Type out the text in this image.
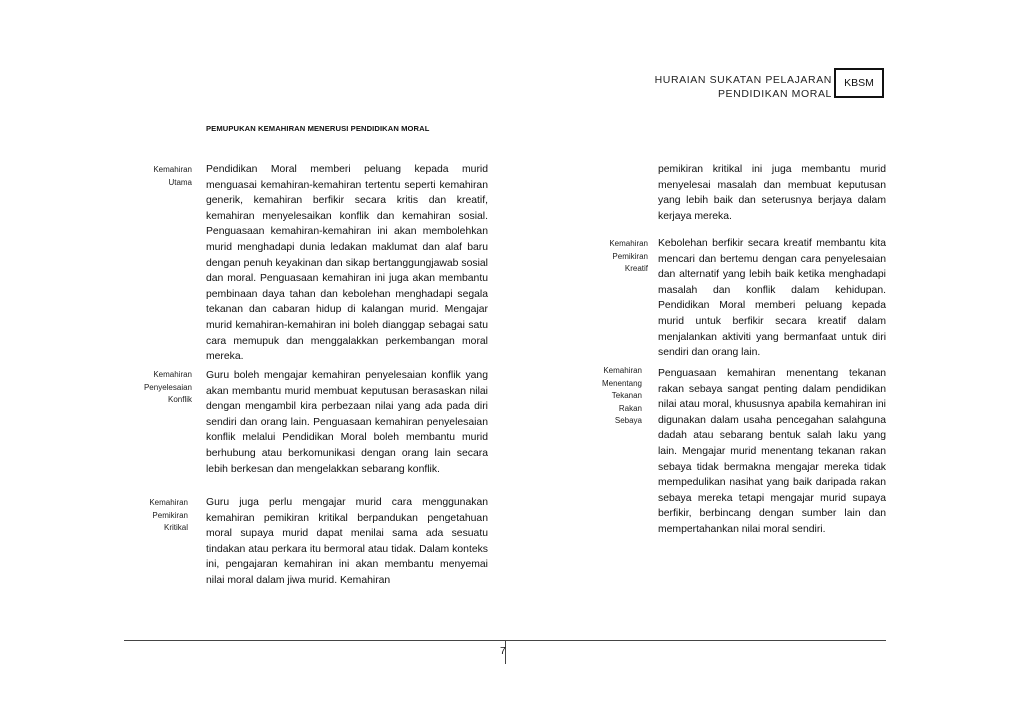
HURAIAN SUKATAN PELAJARAN
PENDIDIKAN MORAL
KBSM
PEMUPUKAN KEMAHIRAN MENERUSI PENDIDIKAN MORAL
Kemahiran
Utama
Pendidikan Moral memberi peluang kepada murid menguasai kemahiran-kemahiran tertentu seperti kemahiran generik, kemahiran berfikir secara kritis dan kreatif, kemahiran menyelesaikan konflik dan kemahiran sosial. Penguasaan kemahiran-kemahiran ini akan membolehkan murid menghadapi dunia ledakan maklumat dan alaf baru dengan penuh keyakinan dan sikap bertanggungjawab sosial dan moral. Penguasaan kemahiran ini juga akan membantu pembinaan daya tahan dan kebolehan menghadapi segala tekanan dan cabaran hidup di kalangan murid. Mengajar murid kemahiran-kemahiran ini boleh dianggap sebagai satu cara memupuk dan menggalakkan perkembangan moral mereka.
Kemahiran
Penyelesaian
Konflik
Guru boleh mengajar kemahiran penyelesaian konflik yang akan membantu murid membuat keputusan berasaskan nilai dengan mengambil kira perbezaan nilai yang ada pada diri sendiri dan orang lain. Penguasaan kemahiran penyelesaian konflik melalui Pendidikan Moral boleh membantu murid berhubung atau berkomunikasi dengan orang lain secara lebih berkesan dan mengelakkan sebarang konflik.
Kemahiran
Pemikiran
Kritikal
Guru juga perlu mengajar murid cara menggunakan kemahiran pemikiran kritikal berpandukan pengetahuan moral supaya murid dapat menilai sama ada sesuatu tindakan atau perkara itu bermoral atau tidak. Dalam konteks ini, pengajaran kemahiran ini akan membantu menyemai nilai moral dalam jiwa murid. Kemahiran
pemikiran kritikal ini juga membantu murid menyelesai masalah dan membuat keputusan yang lebih baik dan seterusnya berjaya dalam kerjaya mereka.
Kemahiran
Pemikiran
Kreatif
Kebolehan berfikir secara kreatif membantu kita mencari dan bertemu dengan cara penyelesaian dan alternatif yang lebih baik ketika menghadapi masalah dan konflik dalam kehidupan. Pendidikan Moral memberi peluang kepada murid untuk berfikir secara kreatif dalam menjalankan aktiviti yang bermanfaat untuk diri sendiri dan orang lain.
Kemahiran
Menentang
Tekanan
Rakan
Sebaya
Penguasaan kemahiran menentang tekanan rakan sebaya sangat penting dalam pendidikan nilai atau moral, khususnya apabila kemahiran ini digunakan dalam usaha pencegahan salahguna dadah atau sebarang bentuk salah laku yang lain. Mengajar murid menentang tekanan rakan sebaya tidak bermakna mengajar mereka tidak mempedulikan nasihat yang baik daripada rakan sebaya mereka tetapi mengajar murid supaya berfikir, berbincang dengan sumber lain dan mempertahankan nilai moral sendiri.
7
